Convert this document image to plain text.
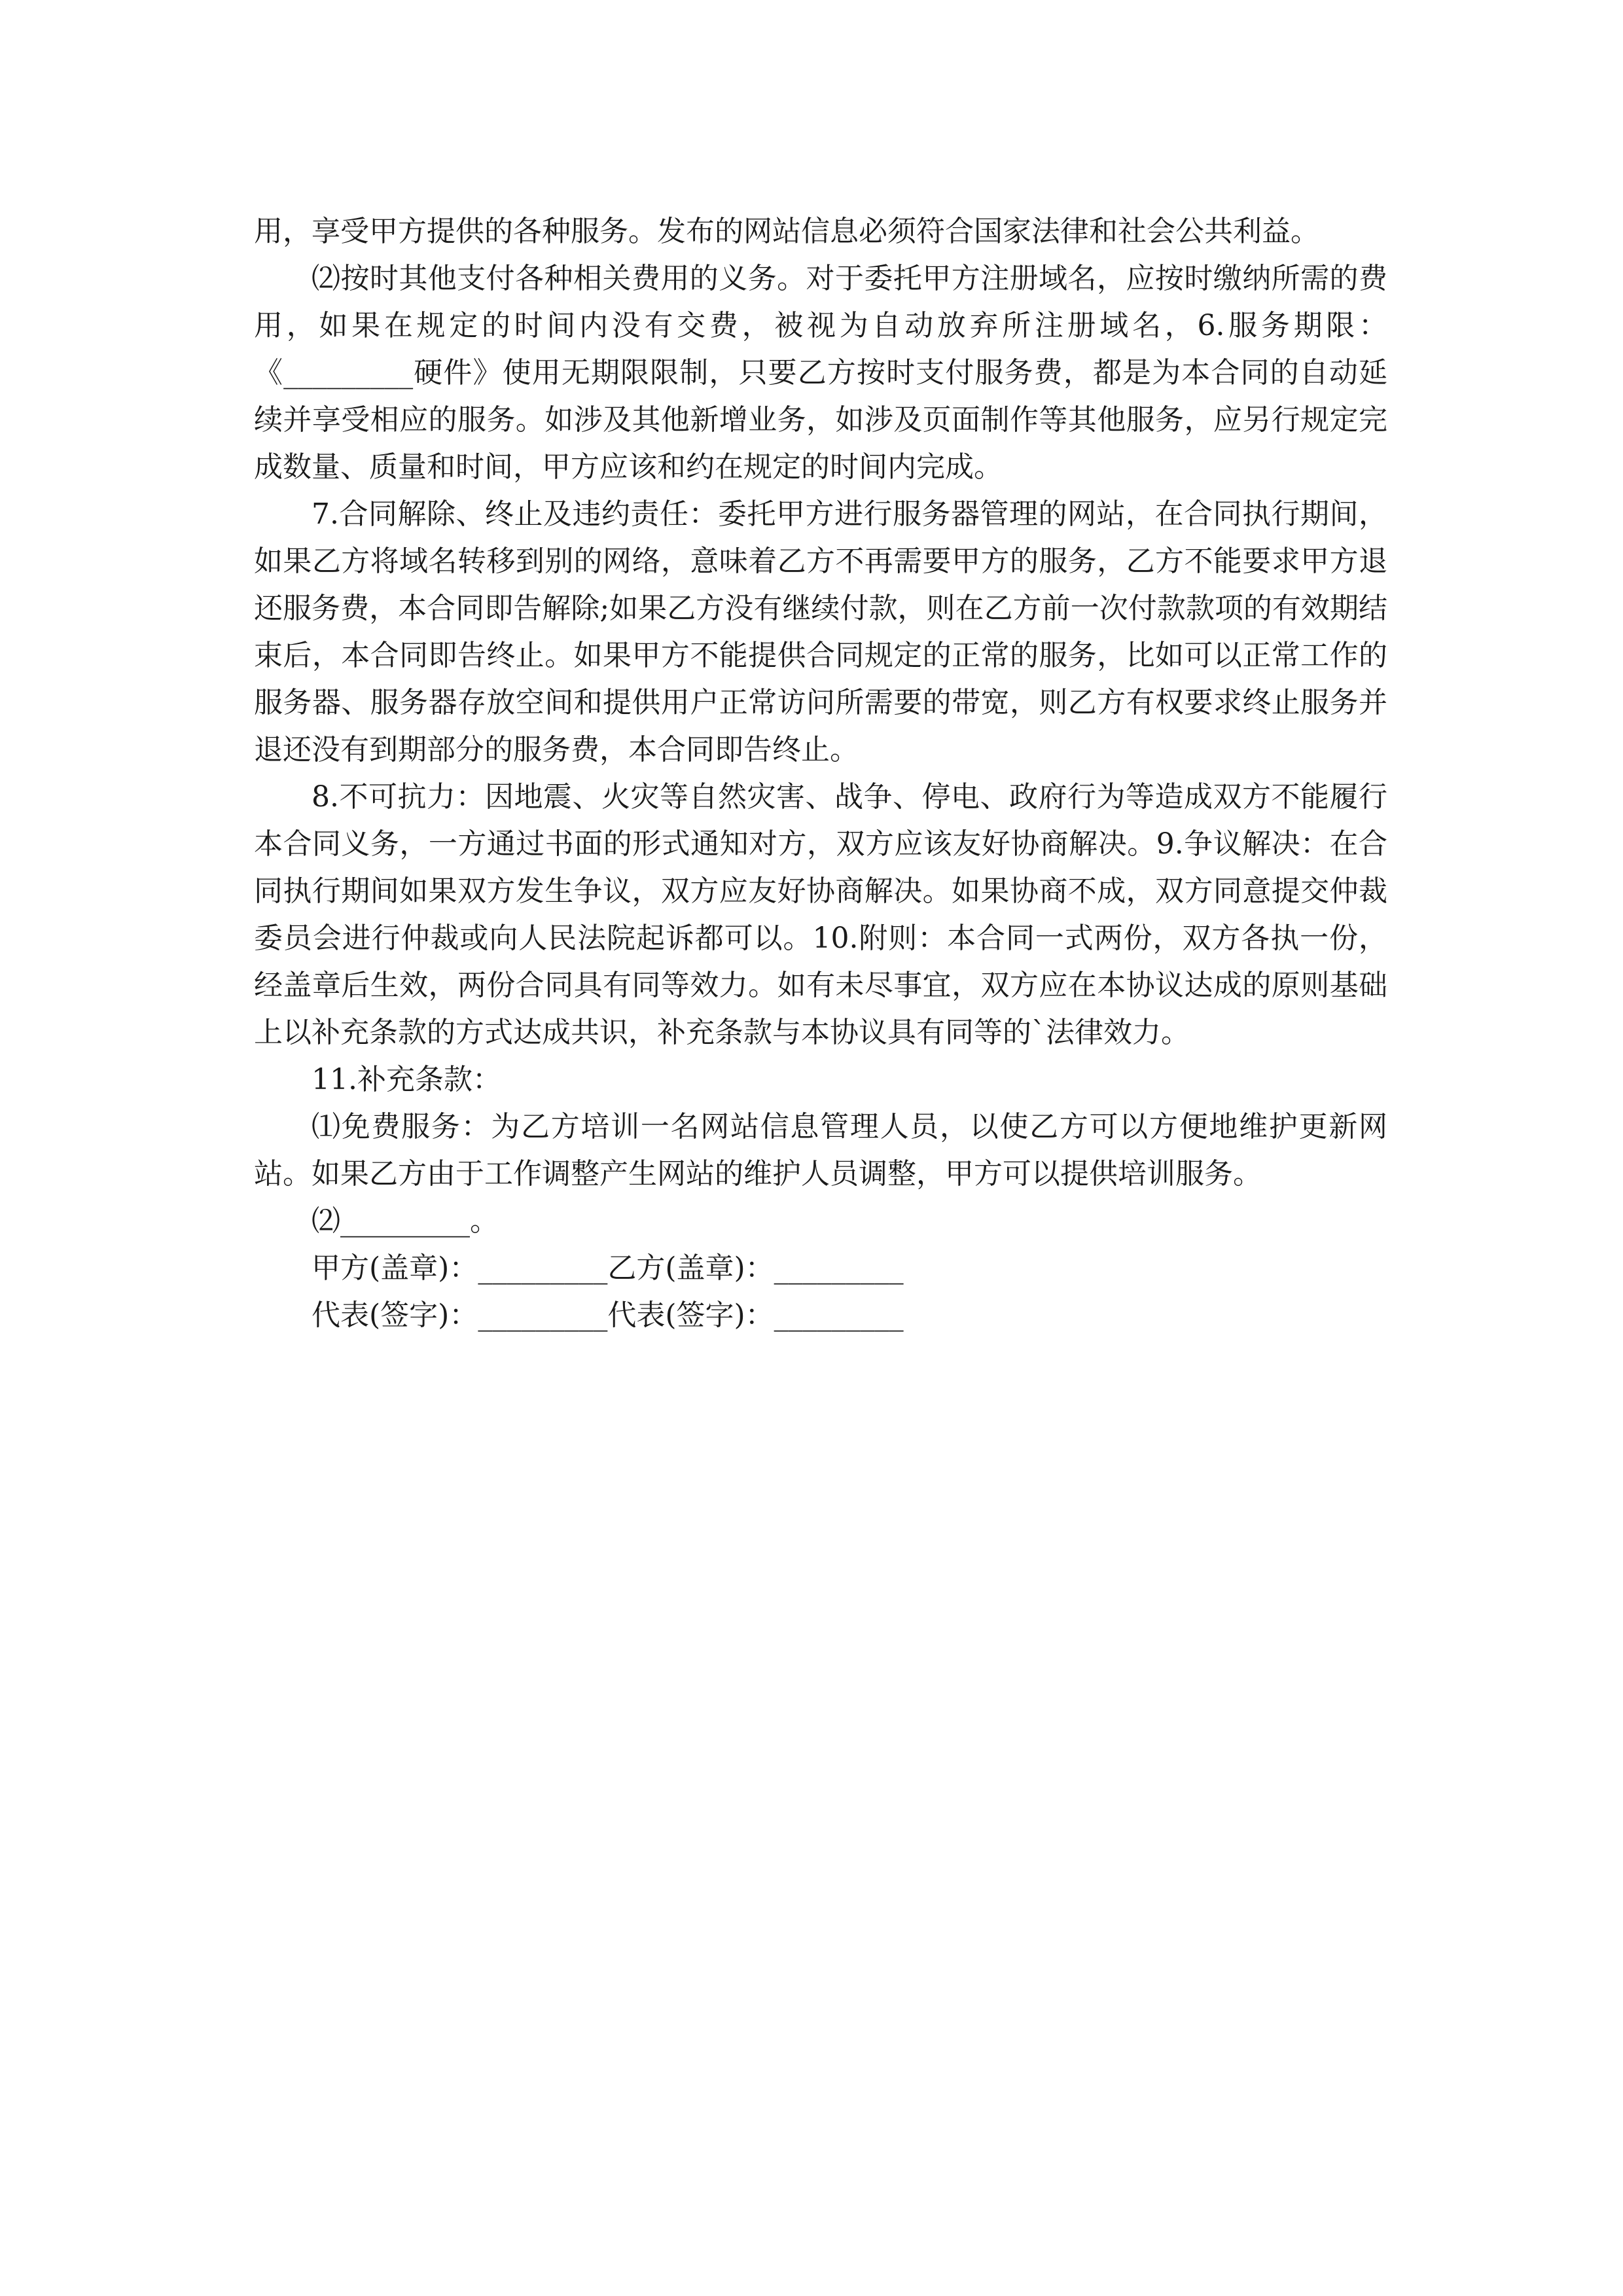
用，享受甲方提供的各种服务。发布的网站信息必须符合国家法律和社会公共利益。

⑵按时其他支付各种相关费用的义务。对于委托甲方注册域名，应按时缴纳所需的费用，如果在规定的时间内没有交费，被视为自动放弃所注册域名，6.服务期限：《_________硬件》使用无期限限制，只要乙方按时支付服务费，都是为本合同的自动延续并享受相应的服务。如涉及其他新增业务，如涉及页面制作等其他服务，应另行规定完成数量、质量和时间，甲方应该和约在规定的时间内完成。

7.合同解除、终止及违约责任：委托甲方进行服务器管理的网站，在合同执行期间，如果乙方将域名转移到别的网络，意味着乙方不再需要甲方的服务，乙方不能要求甲方退还服务费，本合同即告解除;如果乙方没有继续付款，则在乙方前一次付款款项的有效期结束后，本合同即告终止。如果甲方不能提供合同规定的正常的服务，比如可以正常工作的服务器、服务器存放空间和提供用户正常访问所需要的带宽，则乙方有权要求终止服务并退还没有到期部分的服务费，本合同即告终止。

8.不可抗力：因地震、火灾等自然灾害、战争、停电、政府行为等造成双方不能履行本合同义务，一方通过书面的形式通知对方，双方应该友好协商解决。9.争议解决：在合同执行期间如果双方发生争议，双方应友好协商解决。如果协商不成，双方同意提交仲裁委员会进行仲裁或向人民法院起诉都可以。10.附则：本合同一式两份，双方各执一份，经盖章后生效，两份合同具有同等效力。如有未尽事宜，双方应在本协议达成的原则基础上以补充条款的方式达成共识，补充条款与本协议具有同等的`法律效力。

11.补充条款：

⑴免费服务：为乙方培训一名网站信息管理人员，以使乙方可以方便地维护更新网站。如果乙方由于工作调整产生网站的维护人员调整，甲方可以提供培训服务。

⑵_________。

甲方(盖章)：_________乙方(盖章)：_________

代表(签字)：_________代表(签字)：_________
